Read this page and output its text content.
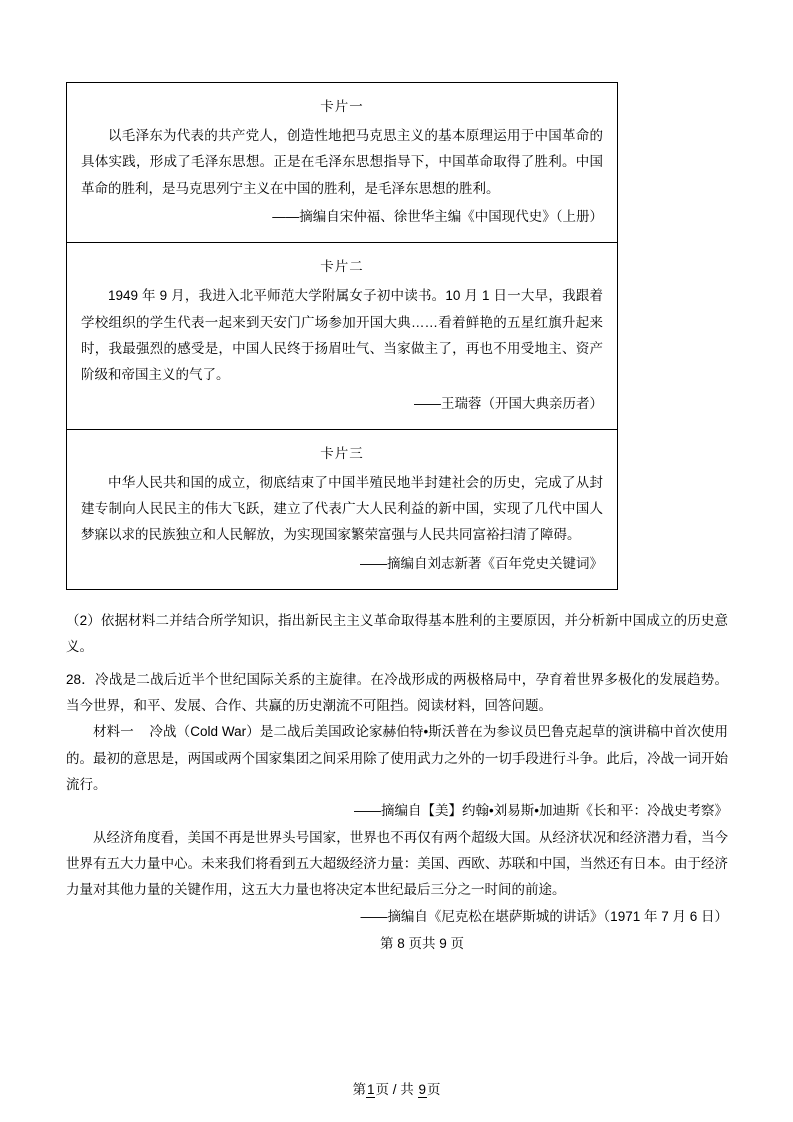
卡片一

以毛泽东为代表的共产党人，创造性地把马克思主义的基本原理运用于中国革命的具体实践，形成了毛泽东思想。正是在毛泽东思想指导下，中国革命取得了胜利。中国革命的胜利，是马克思列宁主义在中国的胜利，是毛泽东思想的胜利。

——摘编自宋仲福、徐世华主编《中国现代史》（上册）

卡片二

1949 年 9 月，我进入北平师范大学附属女子初中读书。10 月 1 日一大早，我跟着学校组织的学生代表一起来到天安门广场参加开国大典……看着鲜艳的五星红旗升起来时，我最强烈的感受是，中国人民终于扬眉吐气、当家做主了，再也不用受地主、资产阶级和帝国主义的气了。

——王瑞蓉（开国大典亲历者）

卡片三

中华人民共和国的成立，彻底结束了中国半殖民地半封建社会的历史，完成了从封建专制向人民民主的伟大飞跃，建立了代表广大人民利益的新中国，实现了几代中国人梦寐以求的民族独立和人民解放，为实现国家繁荣富强与人民共同富裕扫清了障碍。

——摘编自刘志新著《百年党史关键词》

（2）依据材料二并结合所学知识，指出新民主主义革命取得基本胜利的主要原因，并分析新中国成立的历史意义。

28．冷战是二战后近半个世纪国际关系的主旋律。在冷战形成的两极格局中，孕育着世界多极化的发展趋势。当今世界，和平、发展、合作、共赢的历史潮流不可阻挡。阅读材料，回答问题。

材料一 冷战（Cold War）是二战后美国政论家赫伯特•斯沃普在为参议员巴鲁克起草的演讲稿中首次使用的。最初的意思是，两国或两个国家集团之间采用除了使用武力之外的一切手段进行斗争。此后，冷战一词开始流行。

——摘编自【美】约翰•刘易斯•加迪斯《长和平：冷战史考察》

从经济角度看，美国不再是世界头号国家，世界也不再仅有两个超级大国。从经济状况和经济潜力看，当今世界有五大力量中心。未来我们将看到五大超级经济力量：美国、西欧、苏联和中国，当然还有日本。由于经济力量对其他力量的关键作用，这五大力量也将决定本世纪最后三分之一时间的前途。

——摘编自《尼克松在堪萨斯城的讲话》（1971 年 7 月 6 日）

第 8 页共 9 页
第1页 / 共 9页
